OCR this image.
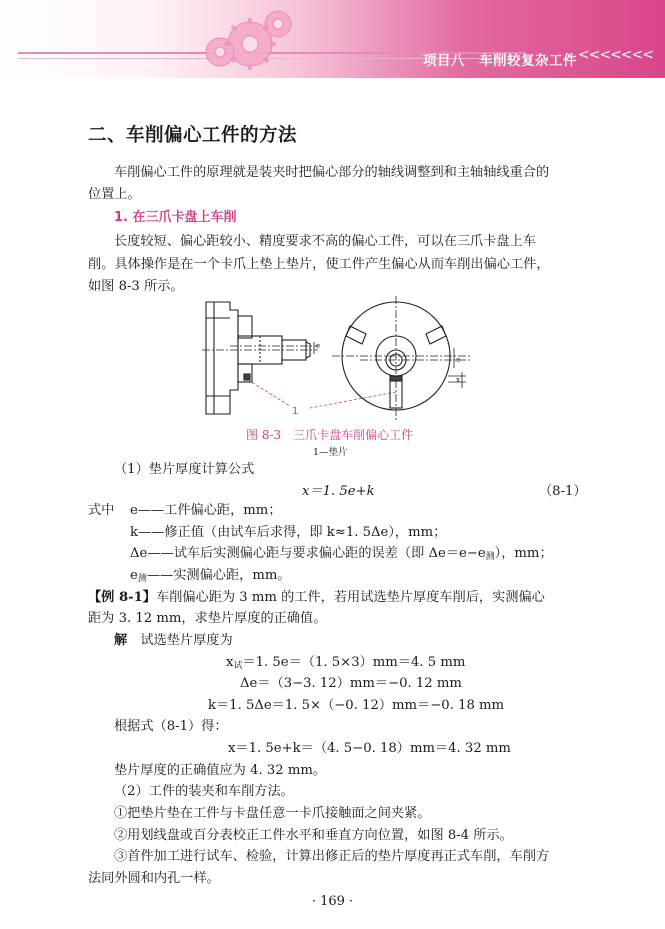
项目八　车削较复杂工件 <<<<<<<
二、车削偏心工件的方法
车削偏心工件的原理就是装夹时把偏心部分的轴线调整到和主轴轴线重合的
位置上。
1. 在三爪卡盘上车削
长度较短、偏心距较小、精度要求不高的偏心工件，可以在三爪卡盘上车
削。具体操作是在一个卡爪上垫上垫片，使工件产生偏心从而车削出偏心工件，
如图 8-3 所示。
e
1
e
x
图 8-3　三爪卡盘车削偏心工件
1—垫片
（1）垫片厚度计算公式
x＝1. 5e+k	（8-1）
式中 e——工件偏心距，mm；
k——修正值（由试车后求得，即 k≈1. 5Δe），mm；
Δe——试车后实测偏心距与要求偏心距的误差（即 $\Delta e=e-e_测$），mm；
$e_测——$实测偏心距，mm。
【例 8-1】车削偏心距为 3 mm 的工件，若用试选垫片厚度车削后，实测偏心
距为 3. 12 mm，求垫片厚度的正确值。
解　 试选垫片厚度为
$x_试=1$. 5e＝（1. 5×3）mm＝4. 5 mm
Δe＝（3−3. 12）mm＝−0. 12 mm
k＝1. 5Δe＝1. 5×（−0. 12）mm＝−0. 18 mm
根据式（8-1）得：
x＝1. 5e+k＝（4. 5−0. 18）mm＝4. 32 mm
垫片厚度的正确值应为 4. 32 mm。
（2）工件的装夹和车削方法。
①把垫片垫在工件与卡盘任意一卡爪接触面之间夹紧。
②用划线盘或百分表校正工件水平和垂直方向位置，如图 8-4 所示。
③首件加工进行试车、检验，计算出修正后的垫片厚度再正式车削，车削方
法同外圆和内孔一样。
· 169 ·
